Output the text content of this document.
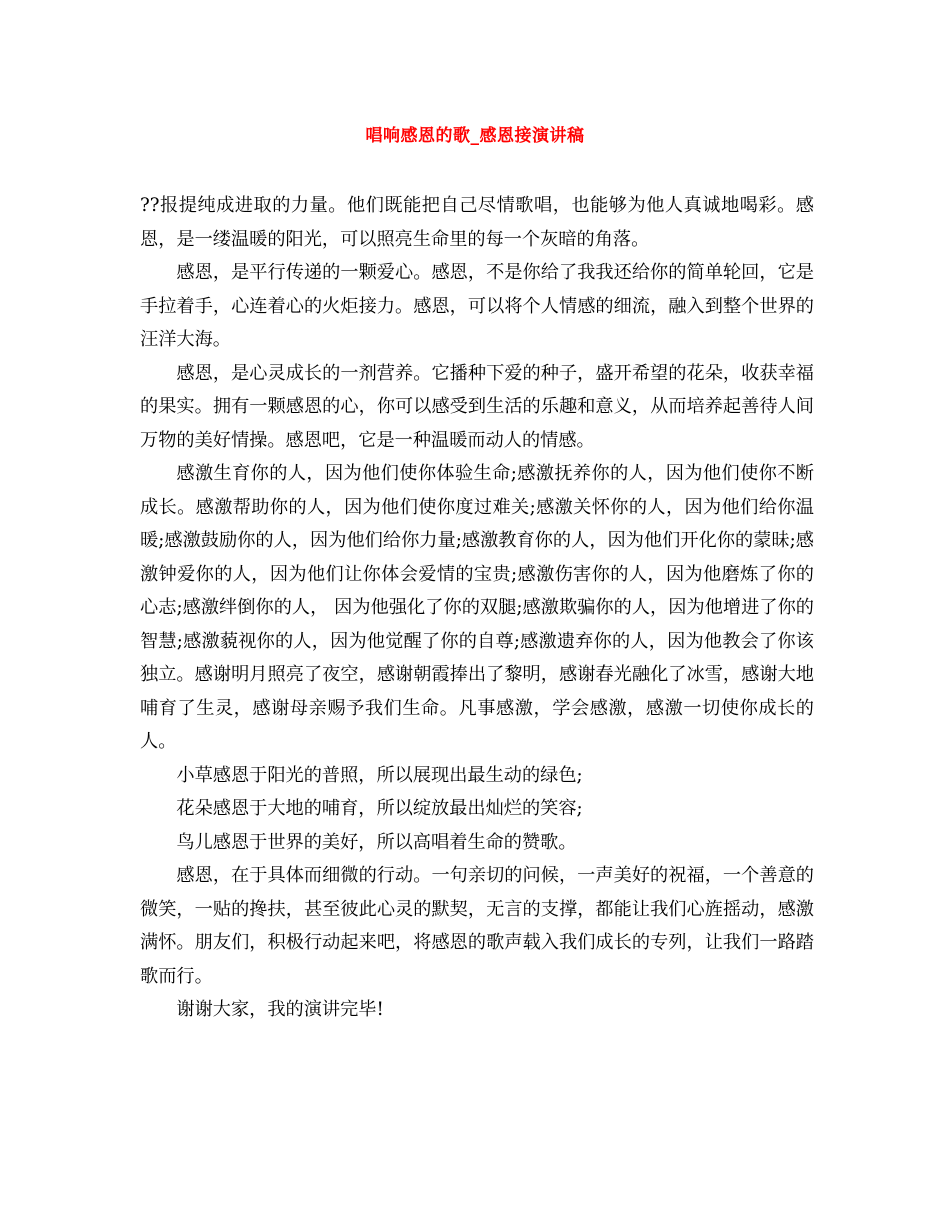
唱响感恩的歌_感恩接演讲稿

??报提纯成进取的力量。他们既能把自己尽情歌唱，也能够为他人真诚地喝彩。感恩，是一缕温暖的阳光，可以照亮生命里的每一个灰暗的角落。

感恩，是平行传递的一颗爱心。感恩，不是你给了我我还给你的简单轮回，它是手拉着手，心连着心的火炬接力。感恩，可以将个人情感的细流，融入到整个世界的汪洋大海。

感恩，是心灵成长的一剂营养。它播种下爱的种子，盛开希望的花朵，收获幸福的果实。拥有一颗感恩的心，你可以感受到生活的乐趣和意义，从而培养起善待人间万物的美好情操。感恩吧，它是一种温暖而动人的情感。

感激生育你的人，因为他们使你体验生命;感激抚养你的人，因为他们使你不断成长。感激帮助你的人，因为他们使你度过难关;感激关怀你的人，因为他们给你温暖;感激鼓励你的人，因为他们给你力量;感激教育你的人，因为他们开化你的蒙昧;感激钟爱你的人，因为他们让你体会爱情的宝贵;感激伤害你的人，因为他磨炼了你的心志;感激绊倒你的人， 因为他强化了你的双腿;感激欺骗你的人，因为他增进了你的智慧;感激藐视你的人，因为他觉醒了你的自尊;感激遗弃你的人，因为他教会了你该独立。感谢明月照亮了夜空，感谢朝霞捧出了黎明，感谢春光融化了冰雪，感谢大地哺育了生灵，感谢母亲赐予我们生命。凡事感激，学会感激，感激一切使你成长的人。

小草感恩于阳光的普照，所以展现出最生动的绿色;

花朵感恩于大地的哺育，所以绽放最出灿烂的笑容;

鸟儿感恩于世界的美好，所以高唱着生命的赞歌。

感恩，在于具体而细微的行动。一句亲切的问候，一声美好的祝福，一个善意的微笑，一贴的搀扶，甚至彼此心灵的默契，无言的支撑，都能让我们心旌摇动，感激满怀。朋友们，积极行动起来吧，将感恩的歌声载入我们成长的专列，让我们一路踏歌而行。

谢谢大家，我的演讲完毕!
